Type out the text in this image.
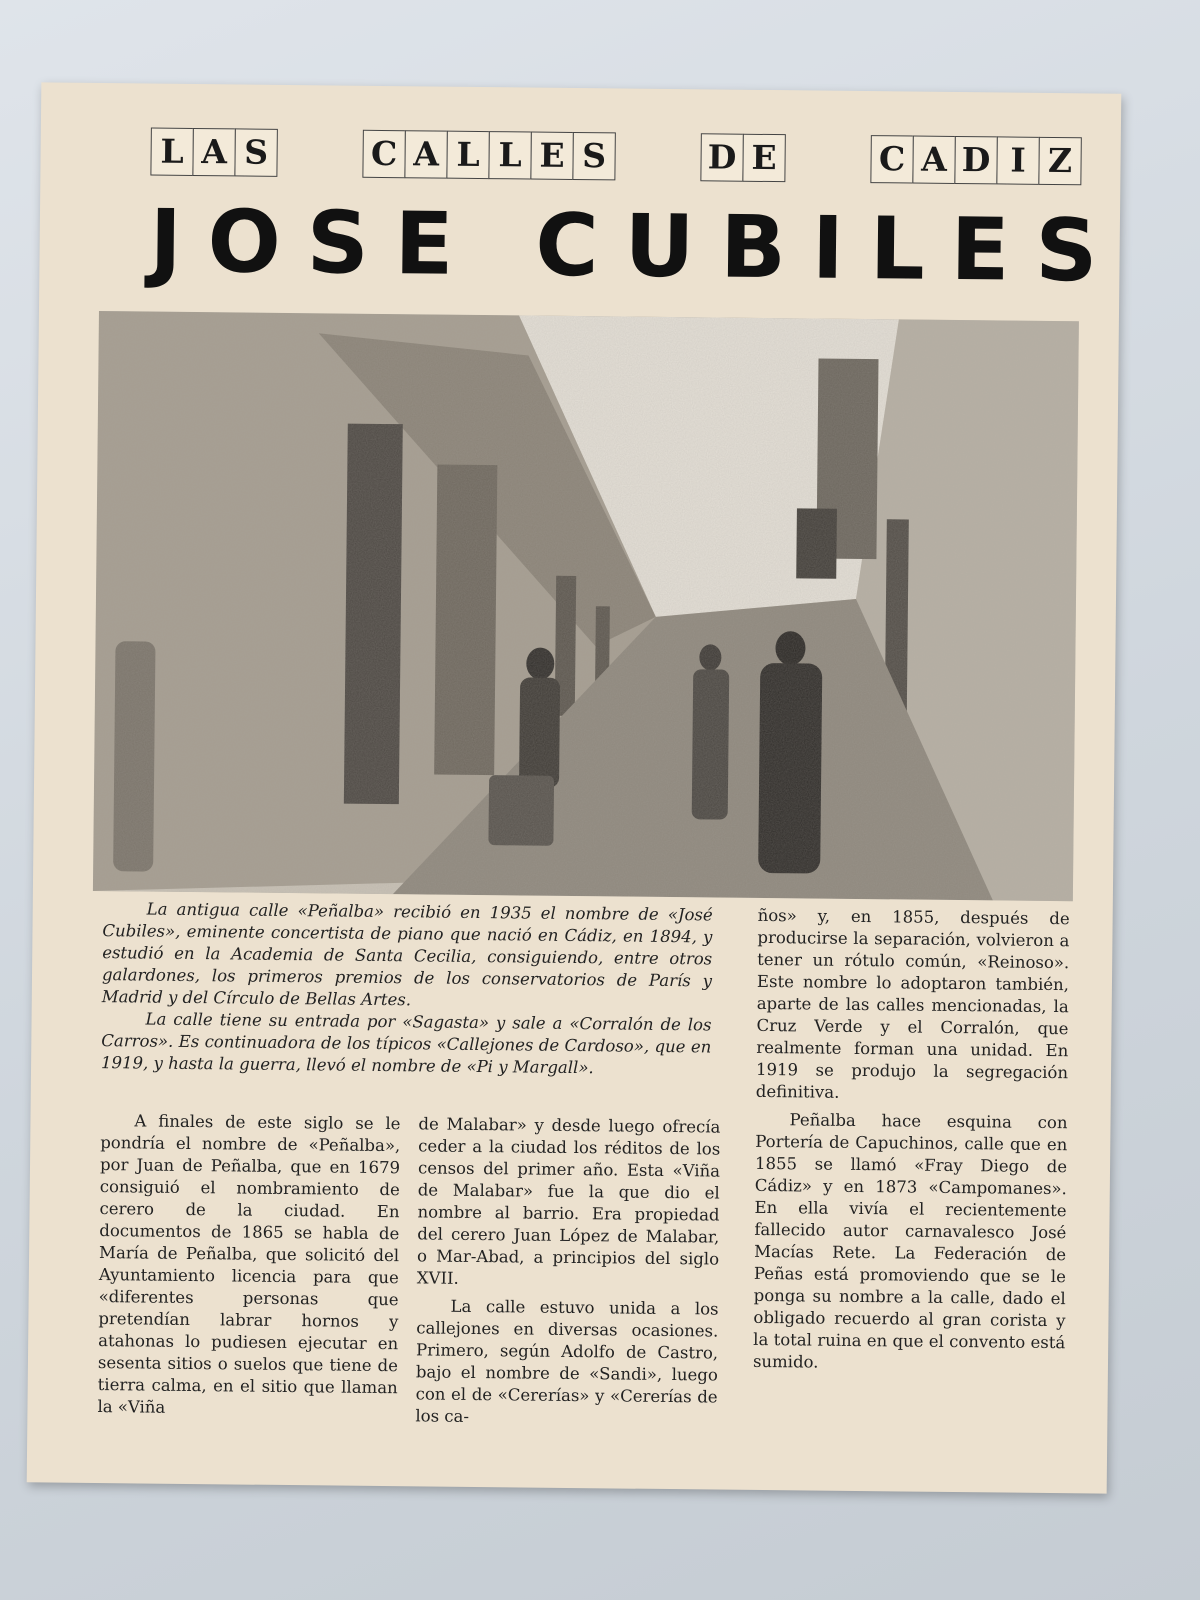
L A S	C A L L E S	D E	C A D I Z
JOSE CUBILES

La antigua calle «Peñalba» recibió en 1935 el nombre de «José Cubiles», eminente concertista de piano que nació en Cádiz, en 1894, y estudió en la Academia de Santa Cecilia, consiguiendo, entre otros galardones, los primeros premios de los conservatorios de París y Madrid y del Círculo de Bellas Artes.

La calle tiene su entrada por «Sagasta» y sale a «Corralón de los Carros». Es continuadora de los típicos «Callejones de Cardoso», que en 1919, y hasta la guerra, llevó el nombre de «Pi y Margall».

A finales de este siglo se le pondría el nombre de «Peñalba», por Juan de Peñalba, que en 1679 consiguió el nombramiento de cerero de la ciudad. En documentos de 1865 se habla de María de Peñalba, que solicitó del Ayuntamiento licencia para que «diferentes personas que pretendían labrar hornos y atahonas lo pudiesen ejecutar en sesenta sitios o suelos que tiene de tierra calma, en el sitio que llaman la «Viña

de Malabar» y desde luego ofrecía ceder a la ciudad los réditos de los censos del primer año. Esta «Viña de Malabar» fue la que dio el nombre al barrio. Era propiedad del cerero Juan López de Malabar, o Mar-Abad, a principios del siglo XVII.

La calle estuvo unida a los callejones en diversas ocasiones. Primero, según Adolfo de Castro, bajo el nombre de «Sandi», luego con el de «Cererías» y «Cererías de los ca-

ños» y, en 1855, después de producirse la separación, volvieron a tener un rótulo común, «Reinoso». Este nombre lo adoptaron también, aparte de las calles mencionadas, la Cruz Verde y el Corralón, que realmente forman una unidad. En 1919 se produjo la segregación definitiva.

Peñalba hace esquina con Portería de Capuchinos, calle que en 1855 se llamó «Fray Diego de Cádiz» y en 1873 «Campomanes». En ella vivía el recientemente fallecido autor carnavalesco José Macías Rete. La Federación de Peñas está promoviendo que se le ponga su nombre a la calle, dado el obligado recuerdo al gran corista y la total ruina en que el convento está sumido.
